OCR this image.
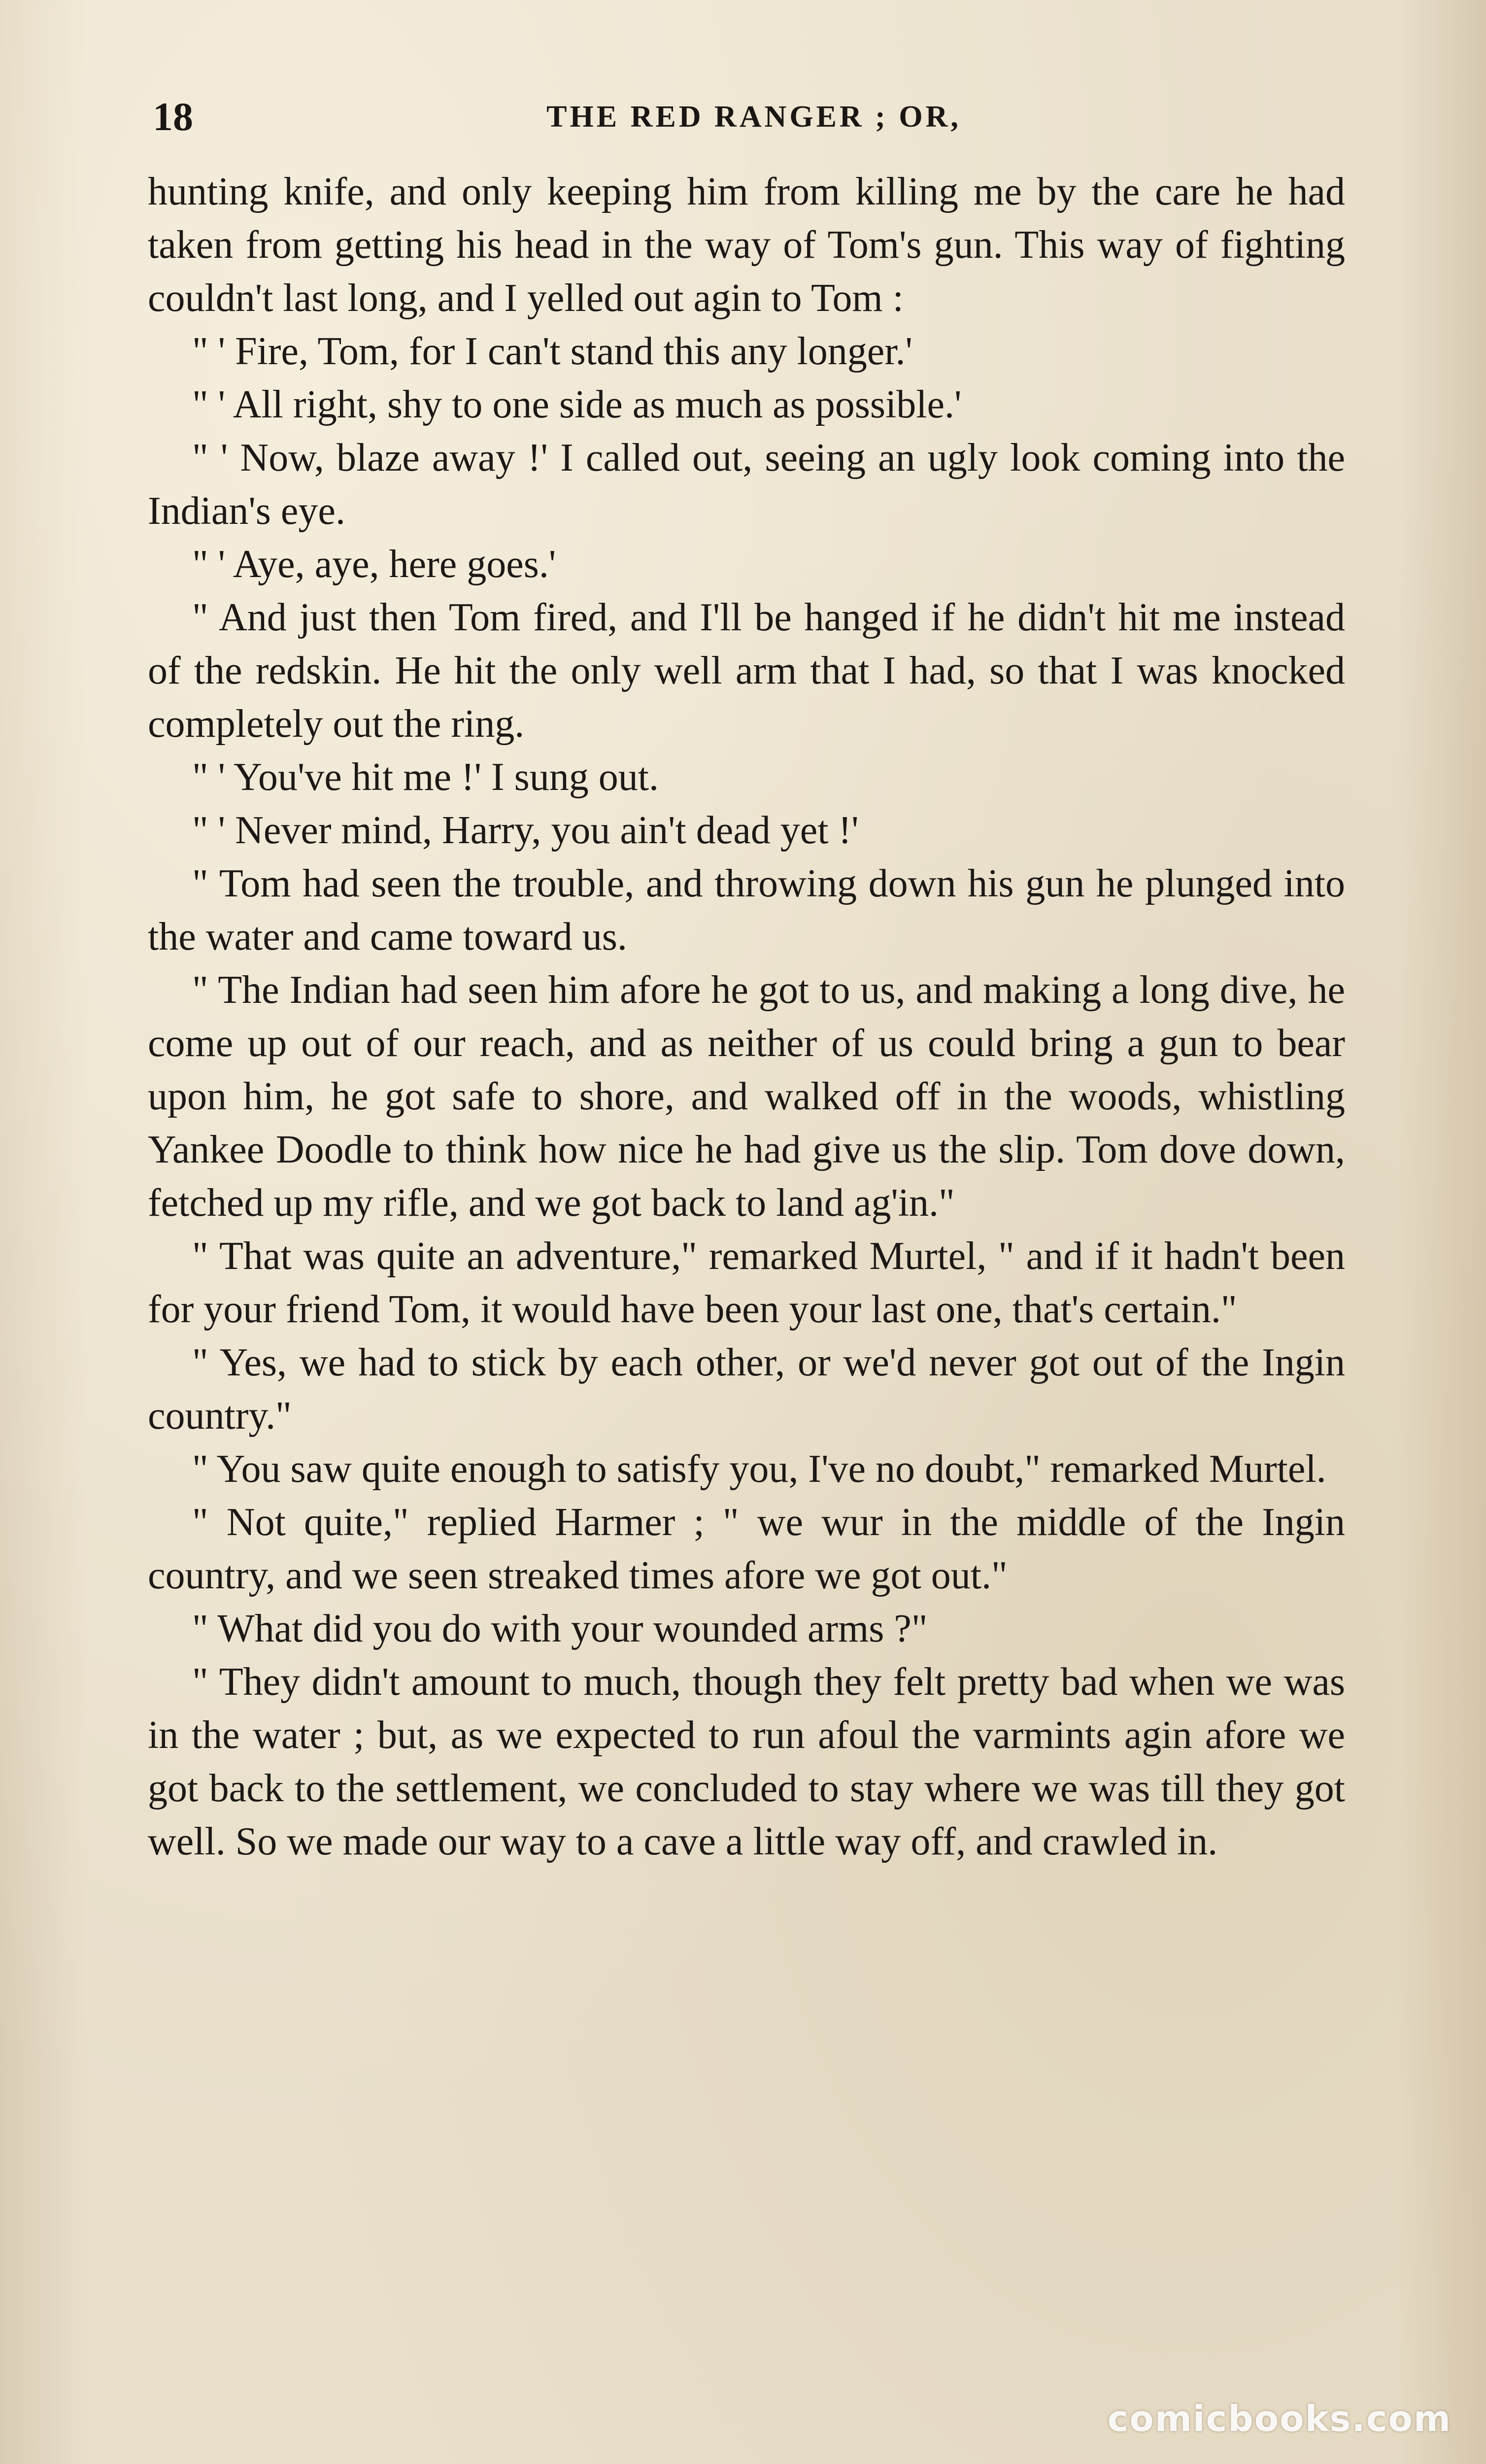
18	THE RED RANGER ; OR,

hunting knife, and only keeping him from killing me by the care he had taken from getting his head in the way of Tom's gun. This way of fighting couldn't last long, and I yelled out agin to Tom :

" ' Fire, Tom, for I can't stand this any longer.'

" ' All right, shy to one side as much as possible.'

" ' Now, blaze away !' I called out, seeing an ugly look coming into the Indian's eye.

" ' Aye, aye, here goes.'

" And just then Tom fired, and I'll be hanged if he didn't hit me instead of the redskin. He hit the only well arm that I had, so that I was knocked completely out the ring.

" ' You've hit me !' I sung out.

" ' Never mind, Harry, you ain't dead yet !'

" Tom had seen the trouble, and throwing down his gun he plunged into the water and came toward us.

" The Indian had seen him afore he got to us, and making a long dive, he come up out of our reach, and as neither of us could bring a gun to bear upon him, he got safe to shore, and walked off in the woods, whistling Yankee Doodle to think how nice he had give us the slip. Tom dove down, fetched up my rifle, and we got back to land ag'in."

" That was quite an adventure," remarked Murtel, " and if it hadn't been for your friend Tom, it would have been your last one, that's certain."

" Yes, we had to stick by each other, or we'd never got out of the Ingin country."

" You saw quite enough to satisfy you, I've no doubt," remarked Murtel.

" Not quite," replied Harmer ; " we wur in the middle of the Ingin country, and we seen streaked times afore we got out."

" What did you do with your wounded arms ?"

" They didn't amount to much, though they felt pretty bad when we was in the water ; but, as we expected to run afoul the varmints agin afore we got back to the settlement, we concluded to stay where we was till they got well. So we made our way to a cave a little way off, and crawled in.

comicbooks.com
